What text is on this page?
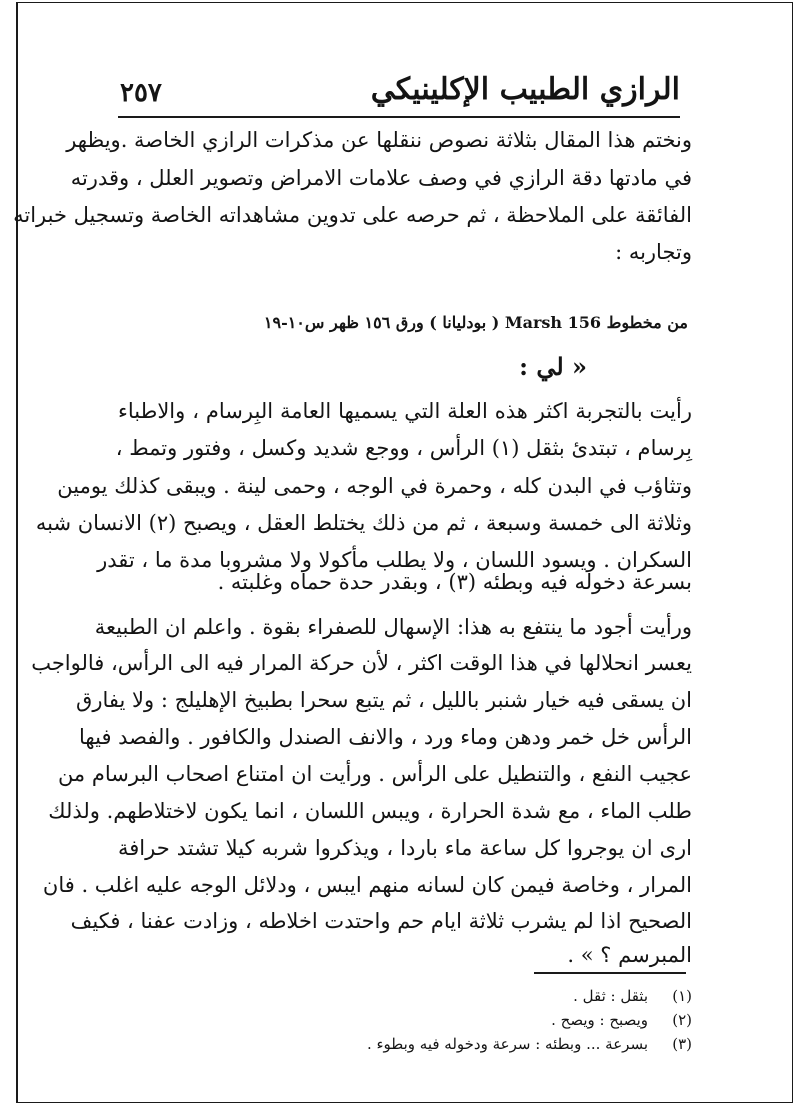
الرازي الطبيب الإكلينيكي
٢٥٧
ونختم هذا المقال بثلاثة نصوص ننقلها عن مذكرات الرازي الخاصة .ويظهر
في مادتها دقة الرازي في وصف علامات الامراض وتصوير العلل ، وقدرته
الفائقة على الملاحظة ، ثم حرصه على تدوين مشاهداته الخاصة وتسجيل خبراته
وتجاربه :
من مخطوط Marsh 156 ( بودليانا ) ورق ١٥٦ ظهر س١٠-١٩
« لي :
رأيت بالتجربة اكثر هذه العلة التي يسميها العامة البِرسام ، والاطباء
بِرسام ، تبتدئ بثقل (١) الرأس ، ووجع شديد وكسل ، وفتور وتمط ،
وتثاؤب في البدن كله ، وحمرة في الوجه ، وحمى لينة . ويبقى كذلك يومين
وثلاثة الى خمسة وسبعة ، ثم من ذلك يختلط العقل ، ويصبح (٢) الانسان شبه
السكران . ويسود اللسان ، ولا يطلب مأكولا ولا مشروبا مدة ما ، تقدر
بسرعة دخوله فيه وبطئه (٣) ، وبقدر حدة حماه وغلبته .
ورأيت أجود ما ينتفع به هذا: الإسهال للصفراء بقوة . واعلم ان الطبيعة
يعسر انحلالها في هذا الوقت اكثر ، لأن حركة المرار فيه الى الرأس، فالواجب
ان يسقى فيه خيار شنبر بالليل ، ثم يتبع سحرا بطبيخ الإهليلج : ولا يفارق
الرأس خل خمر ودهن وماء ورد ، والانف الصندل والكافور . والفصد فيها
عجيب النفع ، والتنطيل على الرأس . ورأيت ان امتناع اصحاب البرسام من
طلب الماء ، مع شدة الحرارة ، ويبس اللسان ، انما يكون لاختلاطهم. ولذلك
ارى ان يوجروا كل ساعة ماء باردا ، ويذكروا شربه كيلا تشتد حرافة
المرار ، وخاصة فيمن كان لسانه منهم ايبس ، ودلائل الوجه عليه اغلب . فان
الصحيح اذا لم يشرب ثلاثة ايام حم واحتدت اخلاطه ، وزادت عفنا ، فكيف
المبرسم ؟ » .
(١)بثقل : ثقل .
(٢)ويصبح : ويصح .
(٣)بسرعة ... وبطئه : سرعة ودخوله فيه وبطوء .
